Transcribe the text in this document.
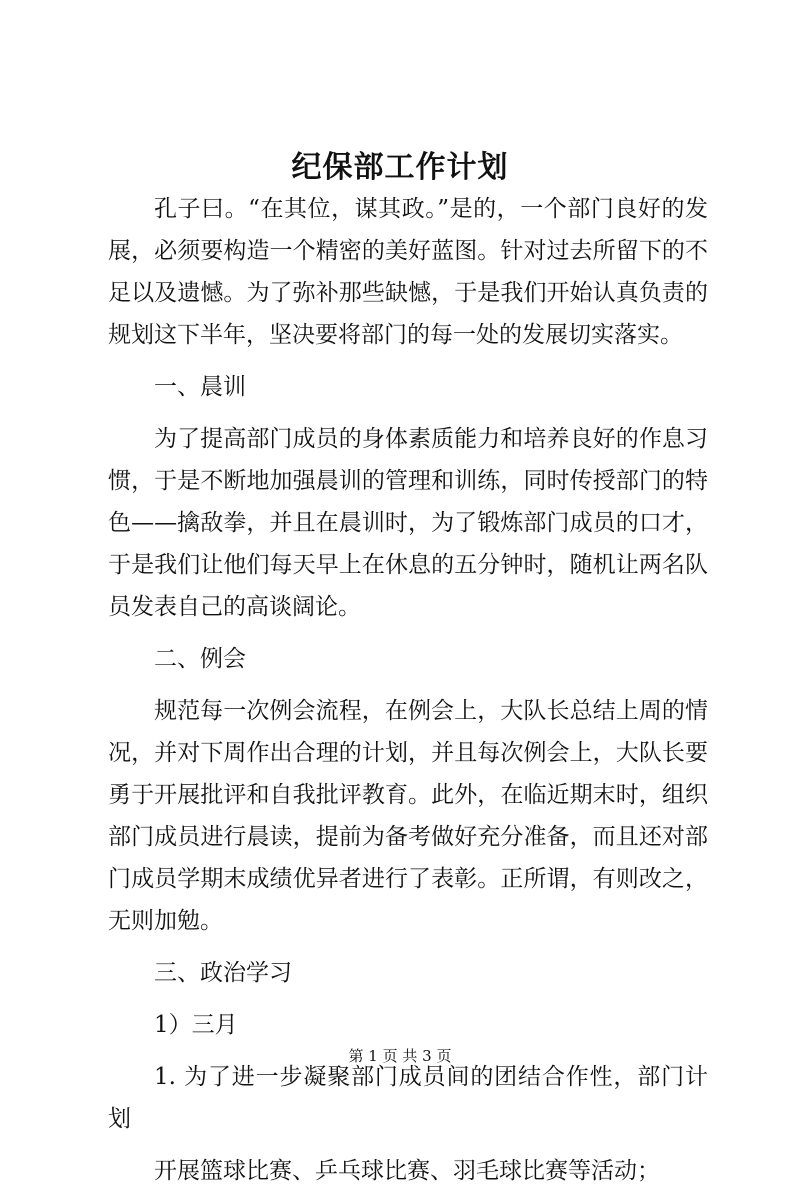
纪保部工作计划

孔子曰。“在其位，谋其政。”是的，一个部门良好的发展，必须要构造一个精密的美好蓝图。针对过去所留下的不足以及遗憾。为了弥补那些缺憾，于是我们开始认真负责的规划这下半年，坚决要将部门的每一处的发展切实落实。

一、晨训

为了提高部门成员的身体素质能力和培养良好的作息习惯，于是不断地加强晨训的管理和训练，同时传授部门的特色——擒敌拳，并且在晨训时，为了锻炼部门成员的口才，于是我们让他们每天早上在休息的五分钟时，随机让两名队员发表自己的高谈阔论。

二、例会

规范每一次例会流程，在例会上，大队长总结上周的情况，并对下周作出合理的计划，并且每次例会上，大队长要勇于开展批评和自我批评教育。此外，在临近期末时，组织部门成员进行晨读，提前为备考做好充分准备，而且还对部门成员学期末成绩优异者进行了表彰。正所谓，有则改之，无则加勉。

三、政治学习

1）三月

1. 为了进一步凝聚部门成员间的团结合作性，部门计划

开展篮球比赛、乒乓球比赛、羽毛球比赛等活动；

第 1 页 共 3 页
